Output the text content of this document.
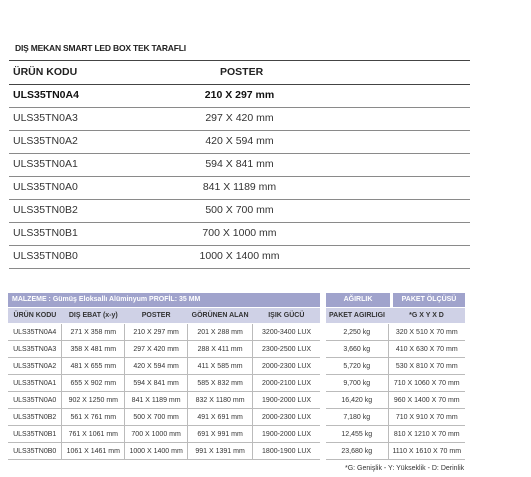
DIŞ MEKAN SMART LED BOX TEK TARAFLI
ÜRÜN KODU	POSTER
ULS35TN0A4	210 X 297 mm
ULS35TN0A3	297 X 420 mm
ULS35TN0A2	420 X 594 mm
ULS35TN0A1	594 X 841 mm
ULS35TN0A0	841 X 1189 mm
ULS35TN0B2	500 X 700 mm
ULS35TN0B1	700 X 1000 mm
ULS35TN0B0	1000 X 1400 mm
MALZEME : Gümüş Eloksallı Alüminyum PROFİL: 35 MM	AĞIRLIK	PAKET ÖLÇÜSÜ
ÜRÜN KODU	DIŞ EBAT (x-y)	POSTER	GÖRÜNEN ALAN	IŞIK GÜCÜ
ULS35TN0A4	271 X 358 mm	210 X 297 mm	201 X 288 mm	3200-3400 LUX
ULS35TN0A3	358 X 481 mm	297 X 420 mm	288 X 411 mm	2300-2500 LUX
ULS35TN0A2	481 X 655 mm	420 X 594 mm	411 X 585 mm	2000-2300 LUX
ULS35TN0A1	655 X 902 mm	594 X 841 mm	585 X 832 mm	2000-2100 LUX
ULS35TN0A0	902 X 1250 mm	841 X 1189 mm	832 X 1180 mm	1900-2000 LUX
ULS35TN0B2	561 X 761 mm	500 X 700 mm	491 X 691 mm	2000-2300 LUX
ULS35TN0B1	761 X 1061 mm	700 X 1000 mm	691 X 991 mm	1900-2000 LUX
ULS35TN0B0	1061 X 1461 mm	1000 X 1400 mm	991 X 1391 mm	1800-1900 LUX
PAKET AGIRLIGI	*G X Y X D
2,250 kg	320 X 510 X 70 mm
3,660 kg	410 X 630 X 70 mm
5,720 kg	530 X 810 X 70 mm
9,700 kg	710 X 1060 X 70 mm
16,420 kg	960 X 1400 X 70 mm
7,180 kg	710 X 910 X 70 mm
12,455 kg	810 X 1210 X 70 mm
23,680 kg	1110 X 1610 X 70 mm
*G: Genişlik - Y: Yükseklik - D: Derinlik
